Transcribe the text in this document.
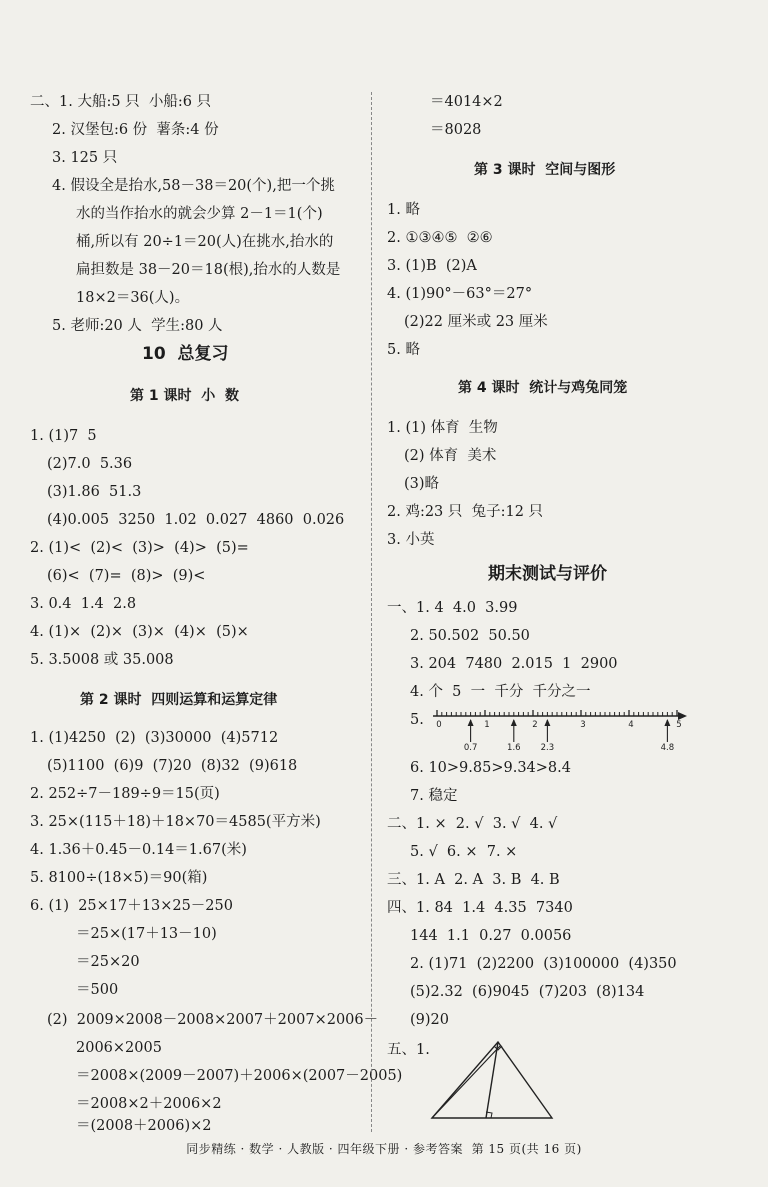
二、1. 大船:5 只  小船:6 只
2. 汉堡包:6 份  薯条:4 份
3. 125 只
4. 假设全是抬水,58－38＝20(个),把一个挑
水的当作抬水的就会少算 2－1＝1(个)
桶,所以有 20÷1＝20(人)在挑水,抬水的
扁担数是 38－20＝18(根),抬水的人数是
18×2＝36(人)。
5. 老师:20 人  学生:80 人
10  总复习
第 1 课时  小  数
1. (1)7  5
(2)7.0  5.36
(3)1.86  51.3
(4)0.005  3250  1.02  0.027  4860  0.026
2. (1)<  (2)<  (3)>  (4)>  (5)=
(6)<  (7)=  (8)>  (9)<
3. 0.4  1.4  2.8
4. (1)×  (2)×  (3)×  (4)×  (5)×
5. 3.5008 或 35.008
第 2 课时  四则运算和运算定律
1. (1)4250  (2)  (3)30000  (4)5712
(5)1100  (6)9  (7)20  (8)32  (9)618
2. 252÷7－189÷9＝15(页)
3. 25×(115＋18)＋18×70＝4585(平方米)
4. 1.36＋0.45－0.14＝1.67(米)
5. 8100÷(18×5)＝90(箱)
6. (1)  25×17＋13×25－250
＝25×(17＋13－10)
＝25×20
＝500
(2)  2009×2008－2008×2007＋2007×2006－
2006×2005
＝2008×(2009－2007)＋2006×(2007－2005)
＝2008×2＋2006×2
＝(2008＋2006)×2
＝4014×2
＝8028
第 3 课时  空间与图形
1. 略
2. ①③④⑤  ②⑥
3. (1)B  (2)A
4. (1)90°－63°＝27°
(2)22 厘米或 23 厘米
5. 略
第 4 课时  统计与鸡兔同笼
1. (1) 体育  生物
(2) 体育  美术
(3)略
2. 鸡:23 只  兔子:12 只
3. 小英
期末测试与评价
一、1. 4  4.0  3.99
2. 50.502  50.50
3. 204  7480  2.015  1  2900
4. 个  5  一  千分  千分之一
5. 0	1	2	3	4	5
0.7	1.6 2.3	4.8
6. 10>9.85>9.34>8.4
7. 稳定
二、1. ×  2. √  3. √  4. √
5. √  6. ×  7. ×
三、1. A  2. A  3. B  4. B
四、1. 84  1.4  4.35  7340
144  1.1  0.27  0.0056
2. (1)71  (2)2200  (3)100000  (4)350
(5)2.32  (6)9045  (7)203  (8)134
(9)20
五、1.
同步精练 · 数学 · 人教版 · 四年级下册 · 参考答案  第 15 页(共 16 页)
